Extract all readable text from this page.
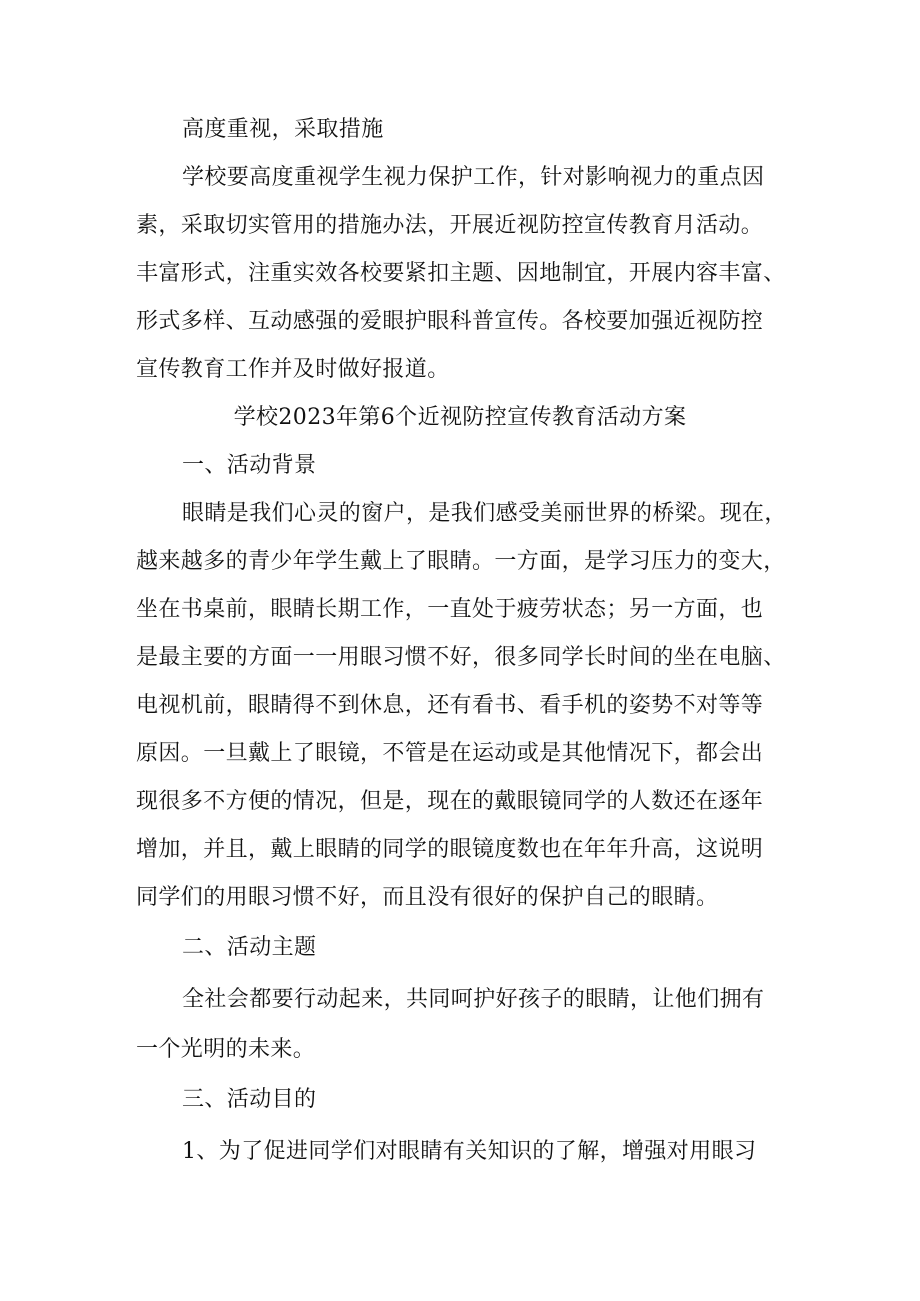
高度重视，采取措施
学校要高度重视学生视力保护工作，针对影响视力的重点因
素，采取切实管用的措施办法，开展近视防控宣传教育月活动。
丰富形式，注重实效各校要紧扣主题、因地制宜，开展内容丰富、
形式多样、互动感强的爱眼护眼科普宣传。各校要加强近视防控
宣传教育工作并及时做好报道。
学校2023年第6个近视防控宣传教育活动方案
一、活动背景
眼睛是我们心灵的窗户，是我们感受美丽世界的桥梁。现在，
越来越多的青少年学生戴上了眼睛。一方面，是学习压力的变大，
坐在书桌前，眼睛长期工作，一直处于疲劳状态；另一方面，也
是最主要的方面一一用眼习惯不好，很多同学长时间的坐在电脑、
电视机前，眼睛得不到休息，还有看书、看手机的姿势不对等等
原因。一旦戴上了眼镜，不管是在运动或是其他情况下，都会出
现很多不方便的情况，但是，现在的戴眼镜同学的人数还在逐年
增加，并且，戴上眼睛的同学的眼镜度数也在年年升高，这说明
同学们的用眼习惯不好，而且没有很好的保护自己的眼睛。
二、活动主题
全社会都要行动起来，共同呵护好孩子的眼睛，让他们拥有
一个光明的未来。
三、活动目的
1、为了促进同学们对眼睛有关知识的了解，增强对用眼习
